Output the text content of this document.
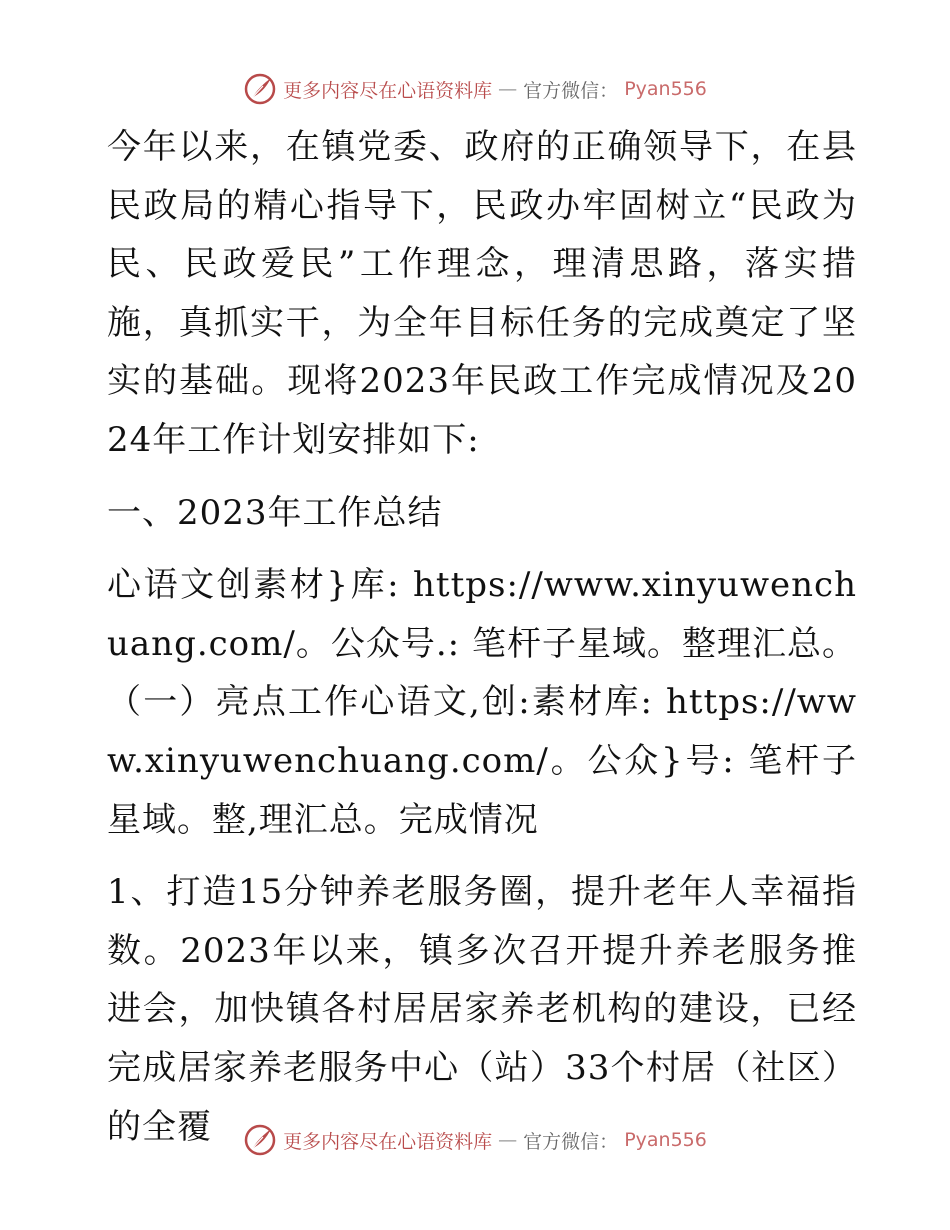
更多内容尽在心语资料库 — 官方微信： Pyan556

今年以来，在镇党委、政府的正确领导下，在县民政局的精心指导下，民政办牢固树立“民政为民、民政爱民”工作理念，理清思路，落实措施，真抓实干，为全年目标任务的完成奠定了坚实的基础。现将2023年民政工作完成情况及2024年工作计划安排如下:

一、2023年工作总结

心语文创素材}库: https://www.xinyuwenchuang.com/。公众号.: 笔杆子星域。整理汇总。（一）亮点工作心语文,创:素材库: https://www.xinyuwenchuang.com/。公众}号: 笔杆子星域。整,理汇总。完成情况

1、打造15分钟养老服务圈，提升老年人幸福指数。2023年以来，镇多次召开提升养老服务推进会，加快镇各村居居家养老机构的建设，已经完成居家养老服务中心（站）33个村居（社区）的全覆	更多内容尽在心语资料库 — 官方微信： Pyan556
